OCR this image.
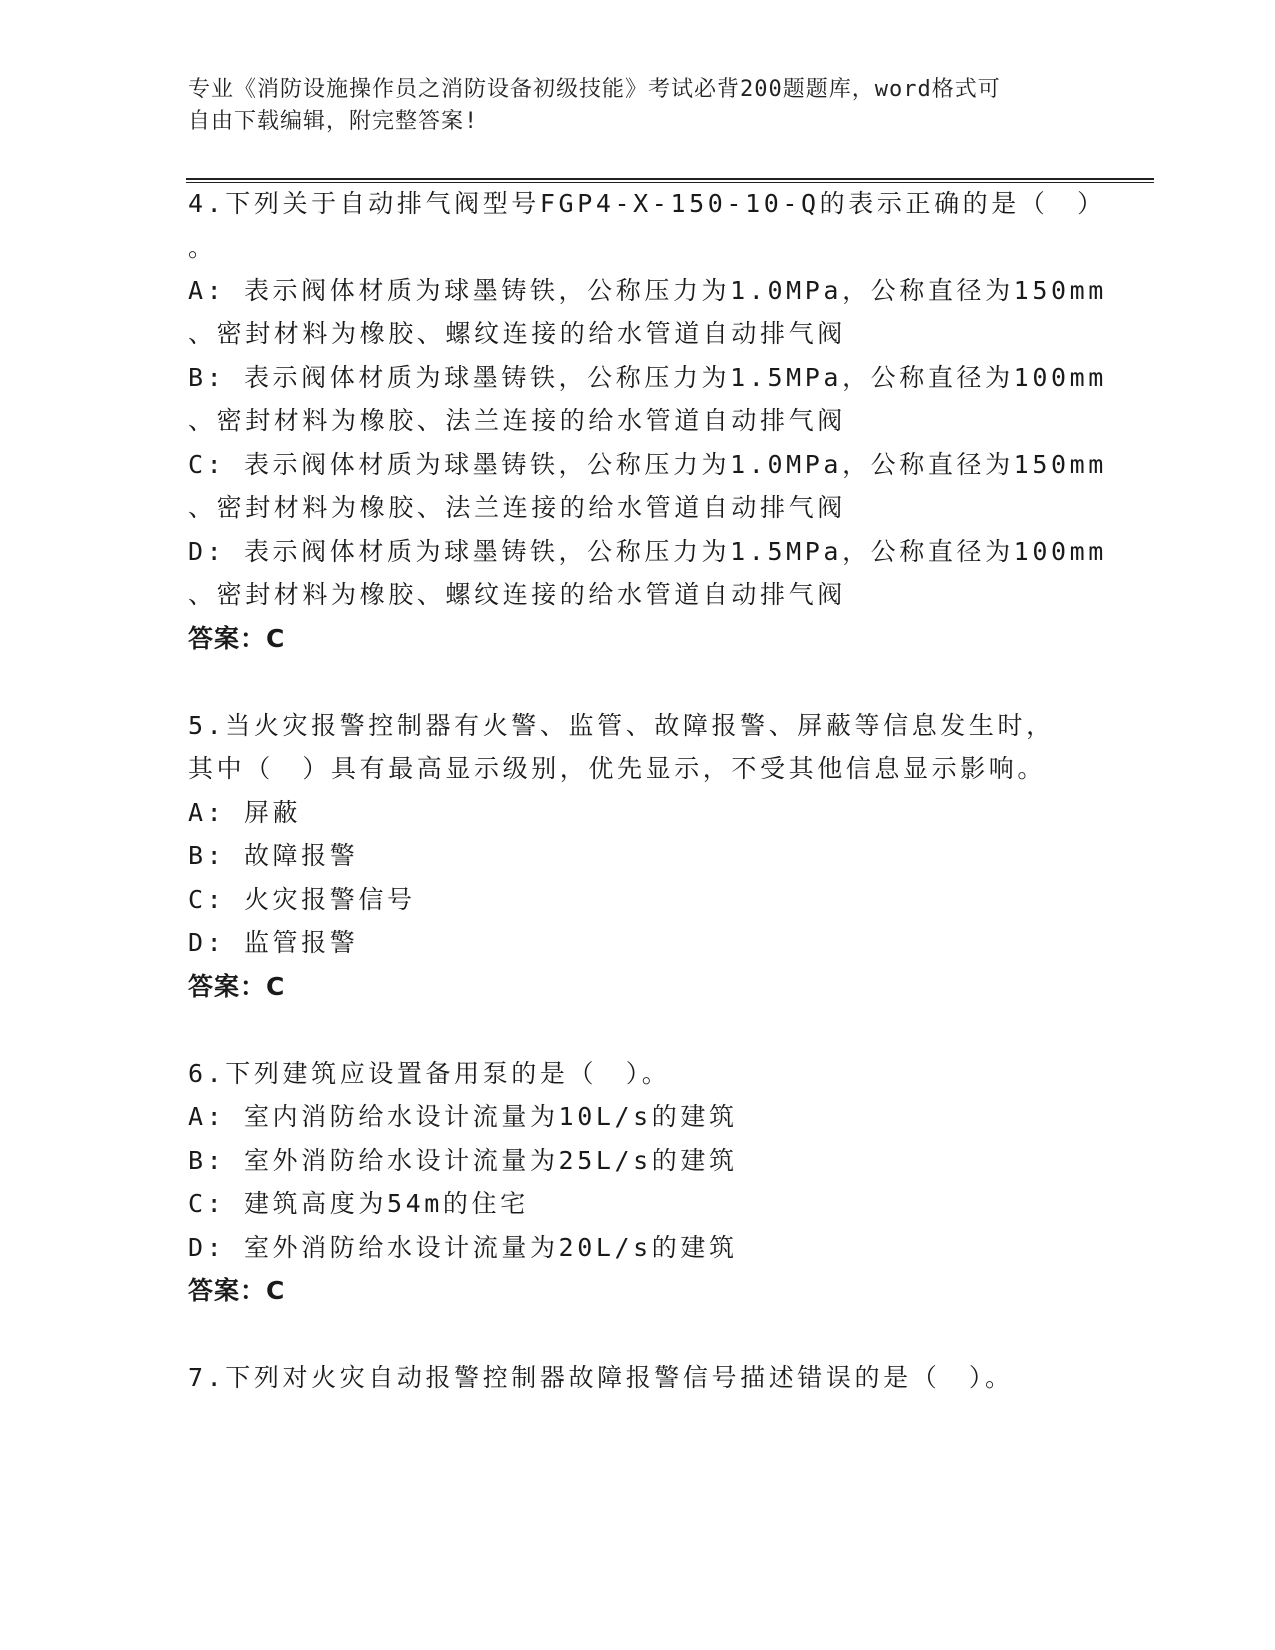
专业《消防设施操作员之消防设备初级技能》考试必背200题题库，word格式可
自由下载编辑，附完整答案!
4.下列关于自动排气阀型号FGP4-X-150-10-Q的表示正确的是（　）
。
A: 表示阀体材质为球墨铸铁，公称压力为1.0MPa，公称直径为150mm
、密封材料为橡胶、螺纹连接的给水管道自动排气阀
B: 表示阀体材质为球墨铸铁，公称压力为1.5MPa，公称直径为100mm
、密封材料为橡胶、法兰连接的给水管道自动排气阀
C: 表示阀体材质为球墨铸铁，公称压力为1.0MPa，公称直径为150mm
、密封材料为橡胶、法兰连接的给水管道自动排气阀
D: 表示阀体材质为球墨铸铁，公称压力为1.5MPa，公称直径为100mm
、密封材料为橡胶、螺纹连接的给水管道自动排气阀
答案：C
5.当火灾报警控制器有火警、监管、故障报警、屏蔽等信息发生时，
其中（　）具有最高显示级别，优先显示，不受其他信息显示影响。
A: 屏蔽
B: 故障报警
C: 火灾报警信号
D: 监管报警
答案：C
6.下列建筑应设置备用泵的是（　）。
A: 室内消防给水设计流量为10L/s的建筑
B: 室外消防给水设计流量为25L/s的建筑
C: 建筑高度为54m的住宅
D: 室外消防给水设计流量为20L/s的建筑
答案：C
7.下列对火灾自动报警控制器故障报警信号描述错误的是（　）。
